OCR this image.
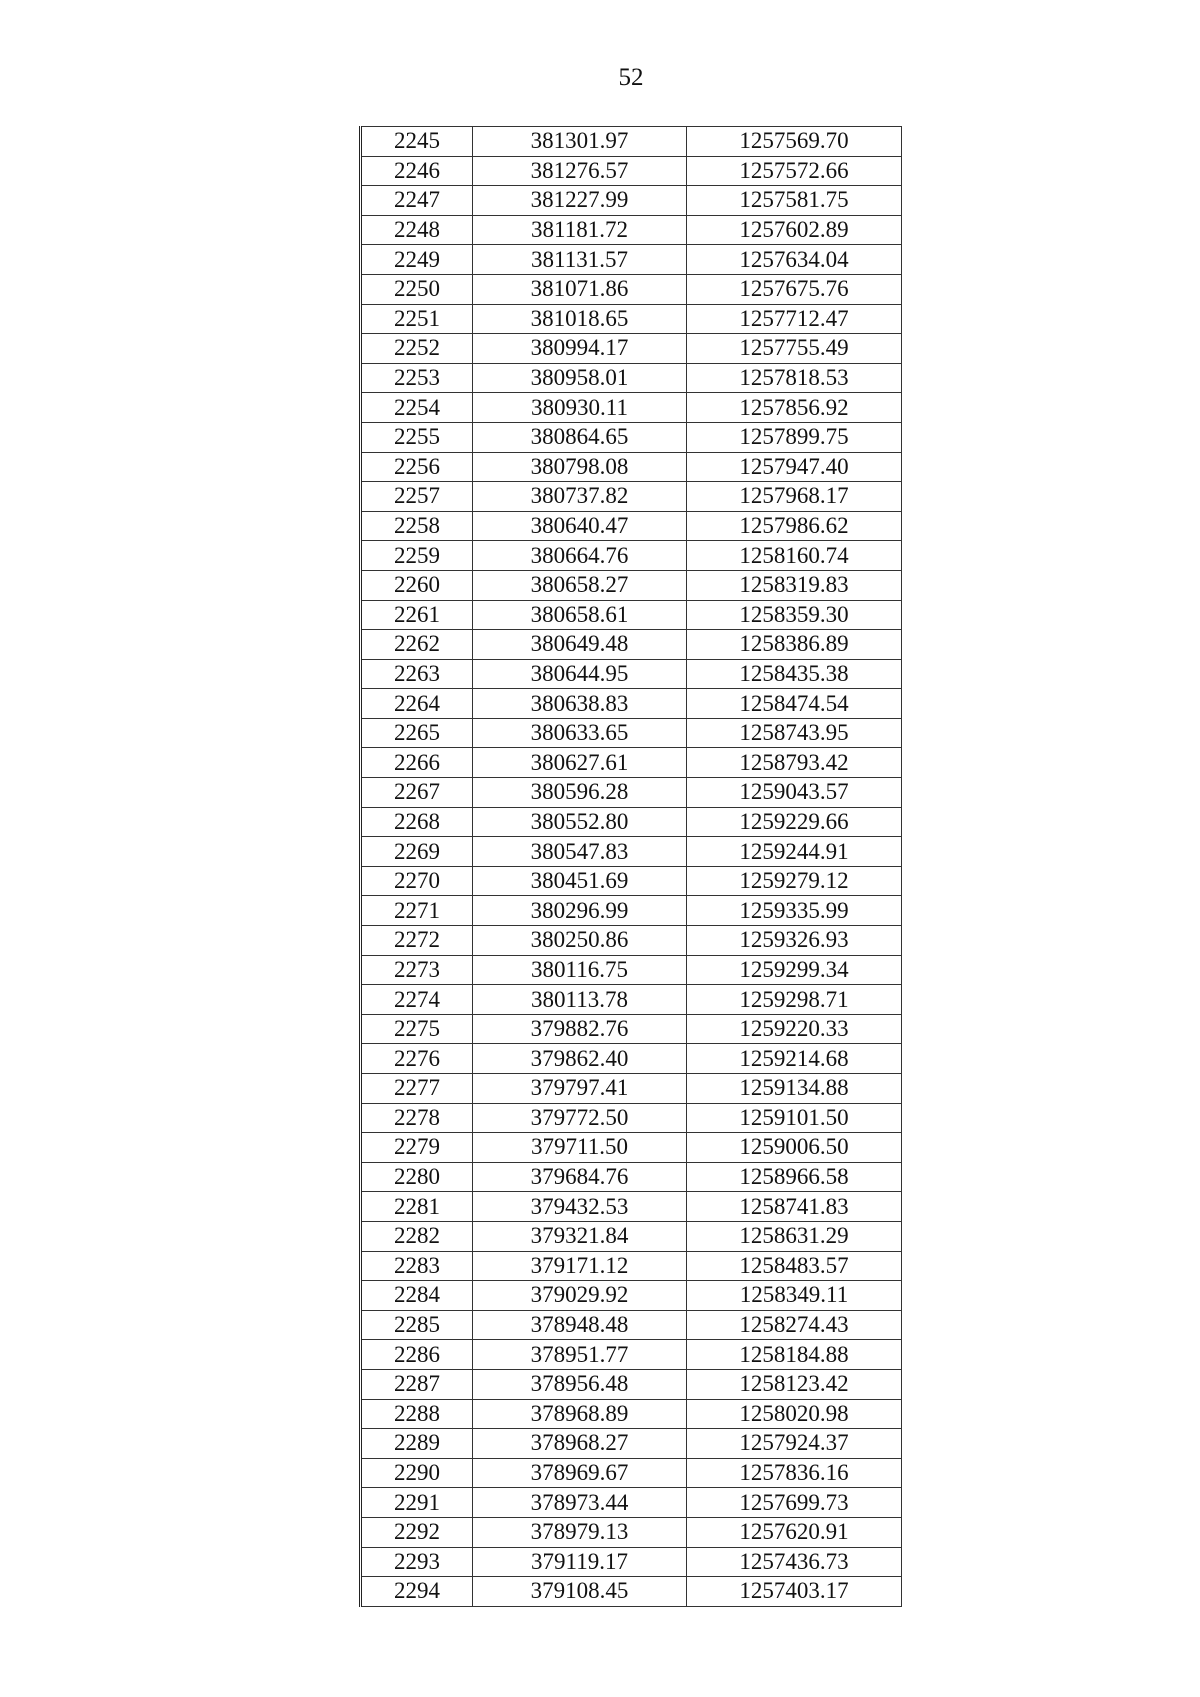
52
2245	381301.97	1257569.70
2246	381276.57	1257572.66
2247	381227.99	1257581.75
2248	381181.72	1257602.89
2249	381131.57	1257634.04
2250	381071.86	1257675.76
2251	381018.65	1257712.47
2252	380994.17	1257755.49
2253	380958.01	1257818.53
2254	380930.11	1257856.92
2255	380864.65	1257899.75
2256	380798.08	1257947.40
2257	380737.82	1257968.17
2258	380640.47	1257986.62
2259	380664.76	1258160.74
2260	380658.27	1258319.83
2261	380658.61	1258359.30
2262	380649.48	1258386.89
2263	380644.95	1258435.38
2264	380638.83	1258474.54
2265	380633.65	1258743.95
2266	380627.61	1258793.42
2267	380596.28	1259043.57
2268	380552.80	1259229.66
2269	380547.83	1259244.91
2270	380451.69	1259279.12
2271	380296.99	1259335.99
2272	380250.86	1259326.93
2273	380116.75	1259299.34
2274	380113.78	1259298.71
2275	379882.76	1259220.33
2276	379862.40	1259214.68
2277	379797.41	1259134.88
2278	379772.50	1259101.50
2279	379711.50	1259006.50
2280	379684.76	1258966.58
2281	379432.53	1258741.83
2282	379321.84	1258631.29
2283	379171.12	1258483.57
2284	379029.92	1258349.11
2285	378948.48	1258274.43
2286	378951.77	1258184.88
2287	378956.48	1258123.42
2288	378968.89	1258020.98
2289	378968.27	1257924.37
2290	378969.67	1257836.16
2291	378973.44	1257699.73
2292	378979.13	1257620.91
2293	379119.17	1257436.73
2294	379108.45	1257403.17
